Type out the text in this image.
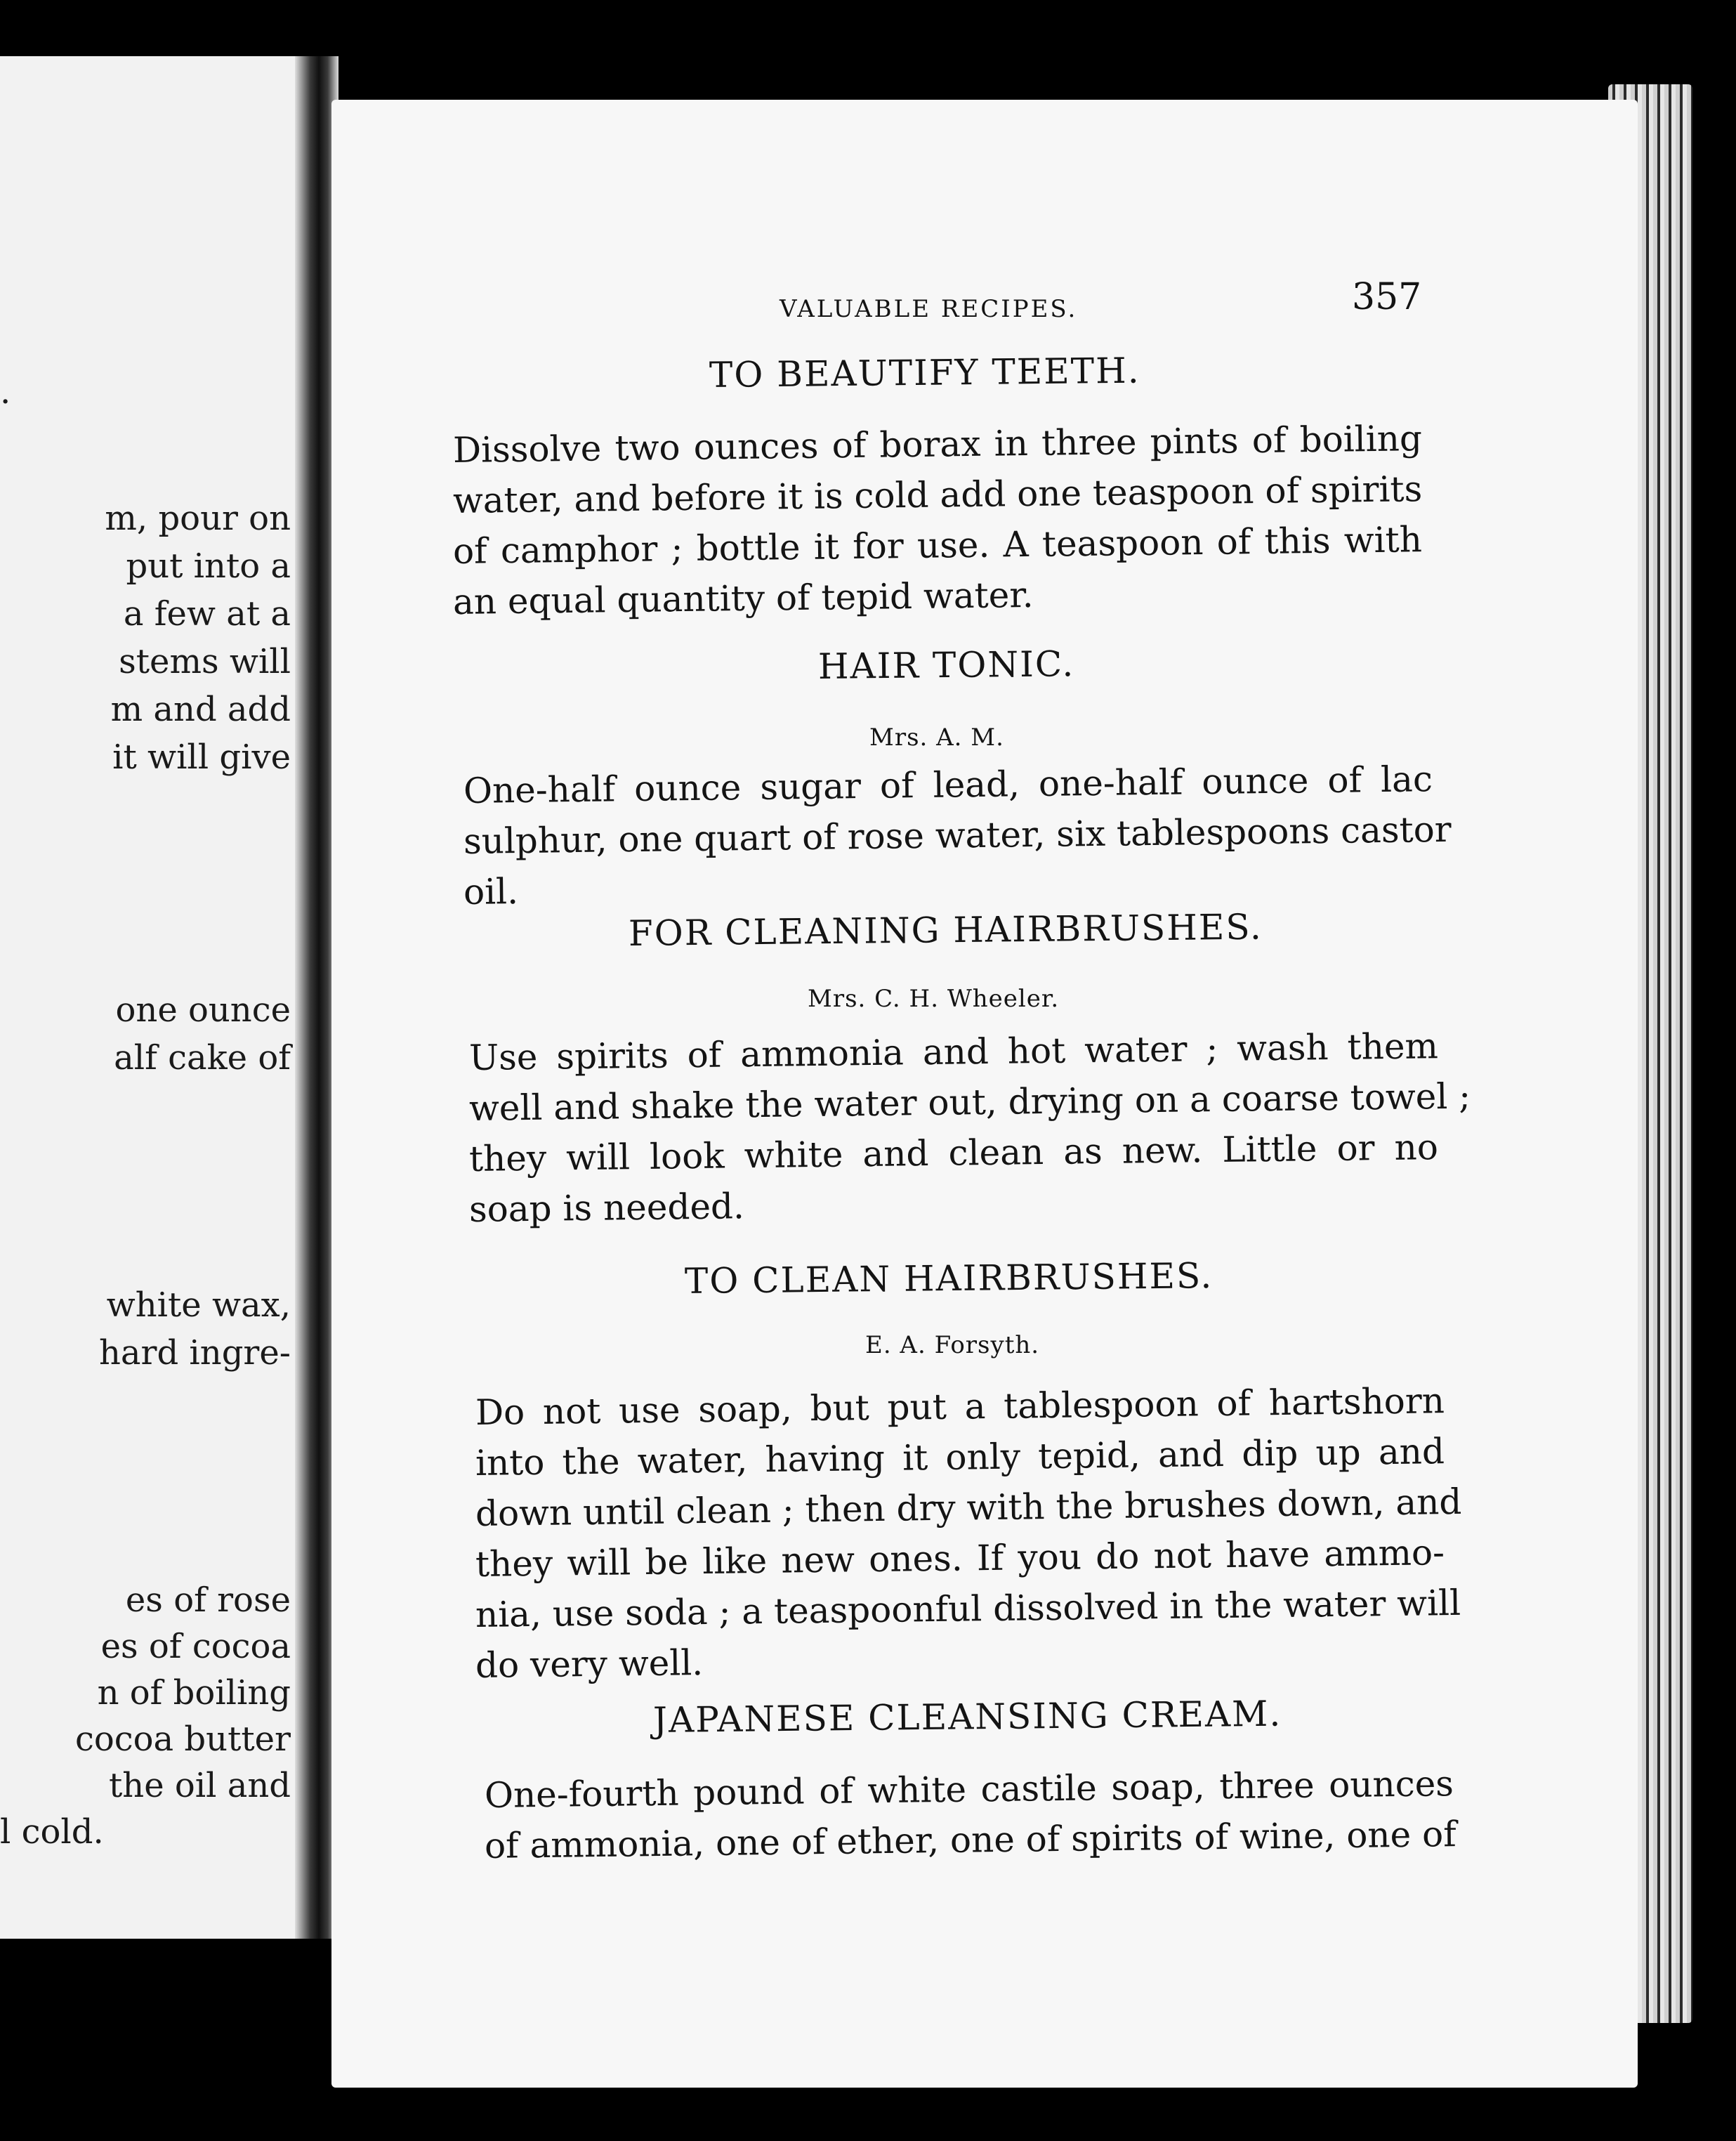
.
m, pour on
put into a
a few at a
stems will
m and add
it will give
one ounce
alf cake of
white wax,
hard ingre-
es of rose
es of cocoa
n of boiling
cocoa butter
the oil and
l cold.
VALUABLE RECIPES.	357
TO BEAUTIFY TEETH.
Dissolve two ounces of borax in three pints of boiling
water, and before it is cold add one teaspoon of spirits
of camphor ; bottle it for use. A teaspoon of this with
an equal quantity of tepid water.
HAIR TONIC.
Mrs. A. M.
One-half ounce sugar of lead, one-half ounce of lac
sulphur, one quart of rose water, six tablespoons castor
oil.
FOR CLEANING HAIRBRUSHES.
Mrs. C. H. Wheeler.
Use spirits of ammonia and hot water ; wash them
well and shake the water out, drying on a coarse towel ;
they will look white and clean as new. Little or no
soap is needed.
TO CLEAN HAIRBRUSHES.
E. A. Forsyth.
Do not use soap, but put a tablespoon of hartshorn
into the water, having it only tepid, and dip up and
down until clean ; then dry with the brushes down, and
they will be like new ones. If you do not have ammo-
nia, use soda ; a teaspoonful dissolved in the water will
do very well.
JAPANESE CLEANSING CREAM.
One-fourth pound of white castile soap, three ounces
of ammonia, one of ether, one of spirits of wine, one of
